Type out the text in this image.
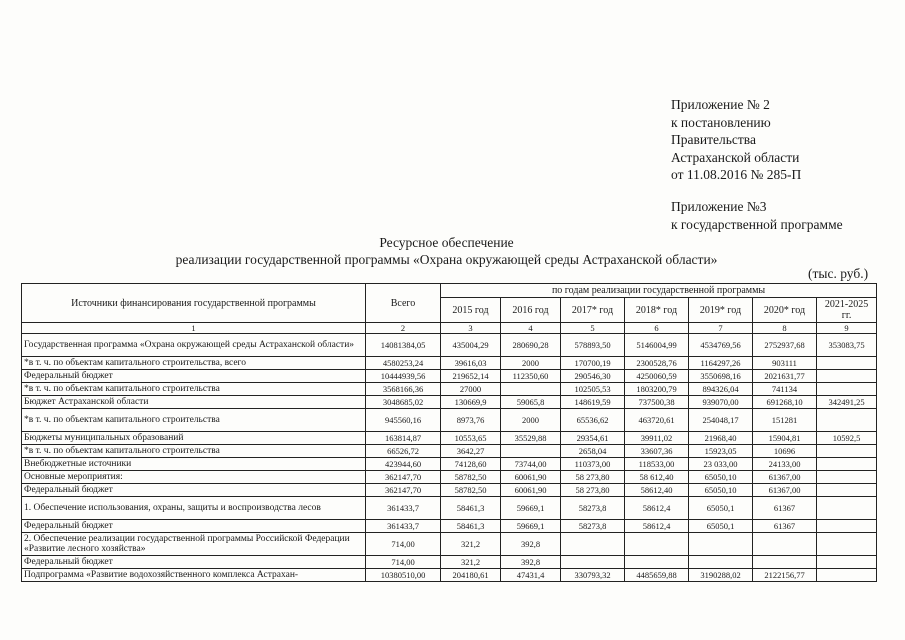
Приложение № 2
к постановлению
Правительства
Астраханской области
от 11.08.2016 № 285-П
Приложение №3
к государственной программе
Ресурсное обеспечение
реализации государственной программы «Охрана окружающей среды Астраханской области»
(тыс. руб.)
Источники финансирования государственной программы	Всего	по годам реализации государственной программы						
		2015 год	2016 год	2017* год	2018* год	2019* год	2020* год	2021-2025 гг.
1	2	3	4	5	6	7	8	9
Государственная программа «Охрана окружающей среды Астраханской области»	14081384,05	435004,29	280690,28	578893,50	5146004,99	4534769,56	2752937,68	353083,75
*в т. ч. по объектам капитального строительства, всего	4580253,24	39616,03	2000	170700,19	2300528,76	1164297,26	903111	
Федеральный бюджет	10444939,56	219652,14	112350,60	290546,30	4250060,59	3550698,16	2021631,77	
*в т. ч. по объектам капитального строительства	3568166,36	27000		102505,53	1803200,79	894326,04	741134	
Бюджет Астраханской области	3048685,02	130669,9	59065,8	148619,59	737500,38	939070,00	691268,10	342491,25
*в т. ч. по объектам капитального строительства	945560,16	8973,76	2000	65536,62	463720,61	254048,17	151281	
Бюджеты муниципальных образований	163814,87	10553,65	35529,88	29354,61	39911,02	21968,40	15904,81	10592,5
*в т. ч. по объектам капитального строительства	66526,72	3642,27		2658,04	33607,36	15923,05	10696	
Внебюджетные источники	423944,60	74128,60	73744,00	110373,00	118533,00	23 033,00	24133,00	
Основные мероприятия:	362147,70	58782,50	60061,90	58 273,80	58 612,40	65050,10	61367,00	
Федеральный бюджет	362147,70	58782,50	60061,90	58 273,80	58612,40	65050,10	61367,00	
1. Обеспечение использования, охраны, защиты и воспроизводства лесов	361433,7	58461,3	59669,1	58273,8	58612,4	65050,1	61367	
Федеральный бюджет	361433,7	58461,3	59669,1	58273,8	58612,4	65050,1	61367	
2. Обеспечение реализации государственной программы Российской Федерации «Развитие лесного хозяйства»	714,00	321,2	392,8					
Федеральный бюджет	714,00	321,2	392,8					
Подпрограмма «Развитие водохозяйственного комплекса Астрахан-	10380510,00	204180,61	47431,4	330793,32	4485659,88	3190288,02	2122156,77	
